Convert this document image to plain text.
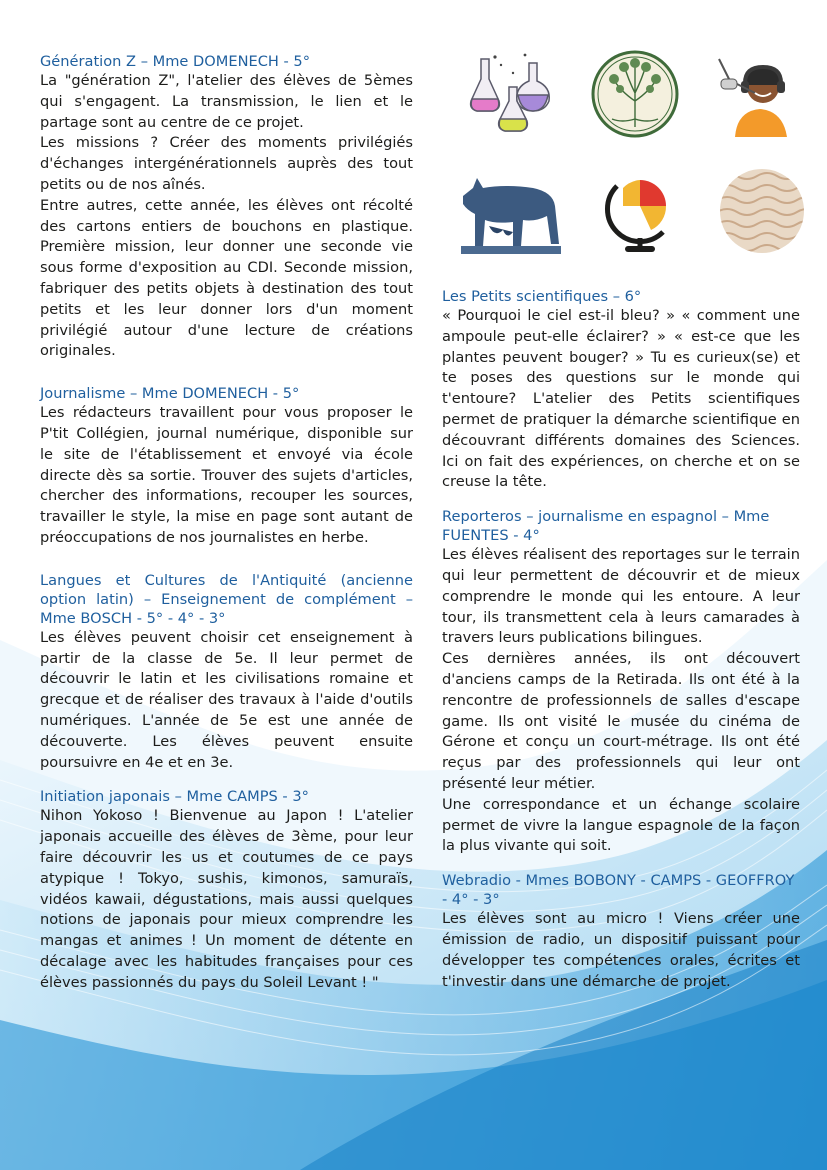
Génération Z – Mme DOMENECH - 5°

La "génération Z", l'atelier des élèves de 5èmes qui s'engagent. La transmission, le lien et le partage sont au centre de ce projet.

Les missions ? Créer des moments privilégiés d'échanges intergénérationnels auprès des tout petits ou de nos aînés.

Entre autres, cette année, les élèves ont récolté des cartons entiers de bouchons en plastique. Première mission, leur donner une seconde vie sous forme d'exposition au CDI. Seconde mission, fabriquer des petits objets à destination des tout petits et les leur donner lors d'un moment privilégié autour d'une lecture de créations originales.

Journalisme – Mme DOMENECH - 5°

Les rédacteurs travaillent pour vous proposer le P'tit Collégien, journal numérique, disponible sur le site de l'établissement et envoyé via école directe dès sa sortie. Trouver des sujets d'articles, chercher des informations, recouper les sources, travailler le style, la mise en page sont autant de préoccupations de nos journalistes en herbe.

Langues et Cultures de l'Antiquité (ancienne option latin) – Enseignement de complément – Mme BOSCH - 5° - 4° - 3°

Les élèves peuvent choisir cet enseignement à partir de la classe de 5e. Il leur permet de découvrir le latin et les civilisations romaine et grecque et de réaliser des travaux à l'aide d'outils numériques. L'année de 5e est une année de découverte. Les élèves peuvent ensuite poursuivre en 4e et en 3e.

Initiation japonais – Mme CAMPS - 3°

Nihon Yokoso ! Bienvenue au Japon ! L'atelier japonais accueille des élèves de 3ème, pour leur faire découvrir les us et coutumes de ce pays atypique ! Tokyo, sushis, kimonos, samuraïs, vidéos kawaii, dégustations, mais aussi quelques notions de japonais pour mieux comprendre les mangas et animes ! Un moment de détente en décalage avec les habitudes françaises pour ces élèves passionnés du pays du Soleil Levant ! "

Les Petits scientifiques – 6°

« Pourquoi le ciel est-il bleu? » « comment une ampoule peut-elle éclairer? » « est-ce que les plantes peuvent bouger? » Tu es curieux(se) et te poses des questions sur le monde qui t'entoure? L'atelier des Petits scientifiques permet de pratiquer la démarche scientifique en découvrant différents domaines des Sciences. Ici on fait des expériences, on cherche et on se creuse la tête.

Reporteros – journalisme en espagnol – Mme FUENTES - 4°

Les élèves réalisent des reportages sur le terrain qui leur permettent de découvrir et de mieux comprendre le monde qui les entoure. A leur tour, ils transmettent cela à leurs camarades à travers leurs publications bilingues.

Ces dernières années, ils ont découvert d'anciens camps de la Retirada. Ils ont été à la rencontre de professionnels de salles d'escape game. Ils ont visité le musée du cinéma de Gérone et conçu un court-métrage. Ils ont été reçus par des professionnels qui leur ont présenté leur métier.

Une correspondance et un échange scolaire permet de vivre la langue espagnole de la façon la plus vivante qui soit.

Webradio - Mmes BOBONY - CAMPS - GEOFFROY - 4° - 3°

Les élèves sont au micro ! Viens créer une émission de radio, un dispositif puissant pour développer tes compétences orales, écrites et t'investir dans une démarche de projet.
